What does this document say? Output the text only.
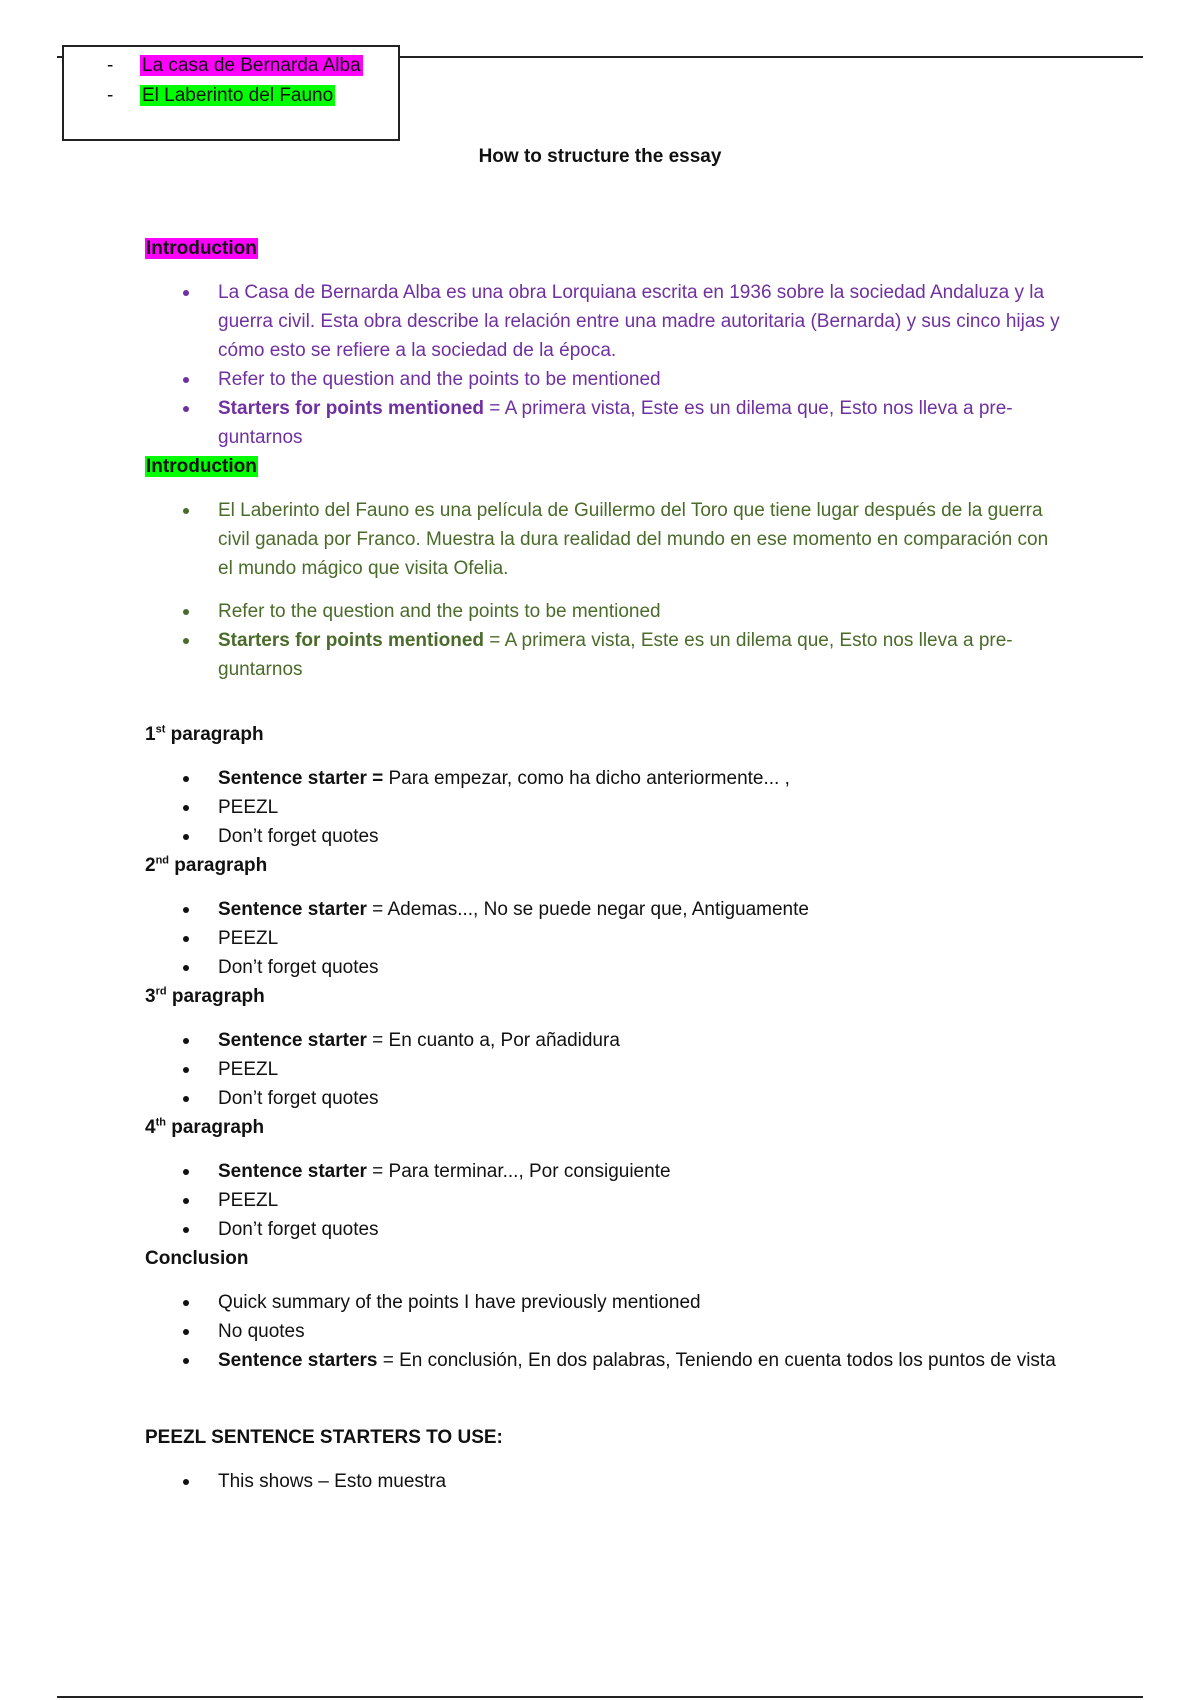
- La casa de Bernarda Alba
- El Laberinto del Fauno
How to structure the essay
Introduction
La Casa de Bernarda Alba es una obra Lorquiana escrita en 1936 sobre la sociedad Andaluza y la guerra civil. Esta obra describe la relación entre una madre autoritaria (Bernarda) y sus cinco hijas y cómo esto se refiere a la sociedad de la época.
Refer to the question and the points to be mentioned
Starters for points mentioned = A primera vista, Este es un dilema que, Esto nos lleva a pre-guntarnos
Introduction
El Laberinto del Fauno es una película de Guillermo del Toro que tiene lugar después de la guerra civil ganada por Franco. Muestra la dura realidad del mundo en ese momento en comparación con el mundo mágico que visita Ofelia.
Refer to the question and the points to be mentioned
Starters for points mentioned = A primera vista, Este es un dilema que, Esto nos lleva a pre-guntarnos
1st paragraph
Sentence starter = Para empezar, como ha dicho anteriormente... ,
PEEZL
Don’t forget quotes
2nd paragraph
Sentence starter = Ademas..., No se puede negar que, Antiguamente
PEEZL
Don’t forget quotes
3rd paragraph
Sentence starter = En cuanto a, Por añadidura
PEEZL
Don’t forget quotes
4th paragraph
Sentence starter = Para terminar..., Por consiguiente
PEEZL
Don’t forget quotes
Conclusion
Quick summary of the points I have previously mentioned
No quotes
Sentence starters = En conclusión, En dos palabras, Teniendo en cuenta todos los puntos de vista
PEEZL SENTENCE STARTERS TO USE:
This shows – Esto muestra
